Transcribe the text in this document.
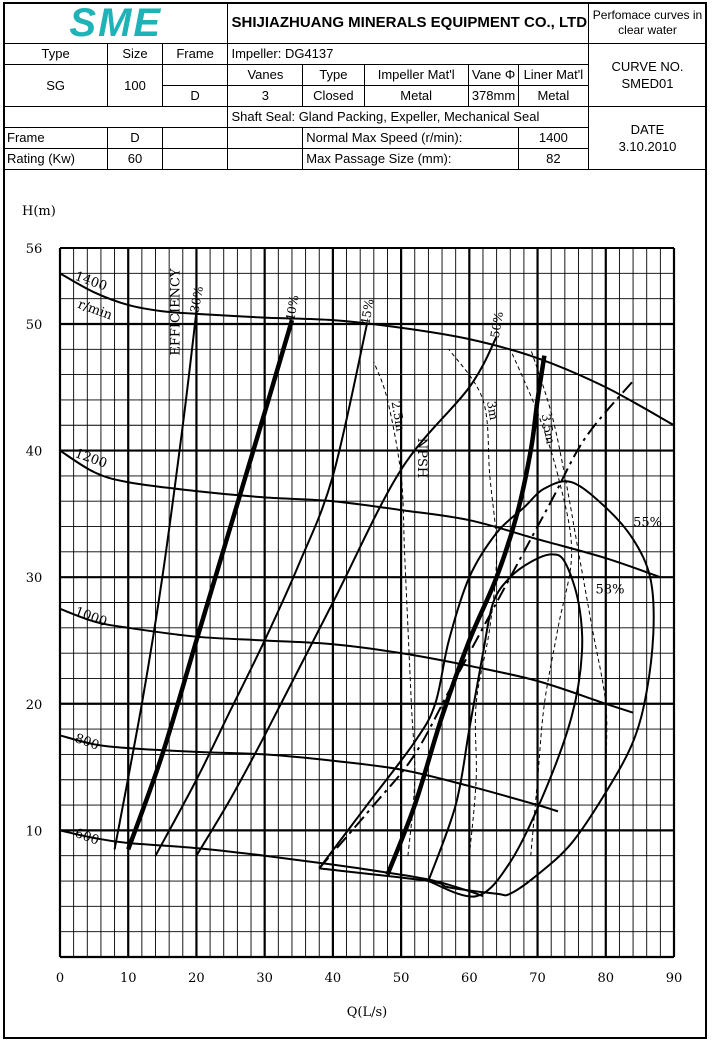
SME			SHIJIAZHUANG MINERALS EQUIPMENT CO., LTD					Perfomace curves in clear water
Type	Size	Frame	Impeller: DG4137					CURVE NO.
SMED01
SG	100		Vanes	Type	Impeller Mat'l	Vane Φ	Liner Mat'l	
		D	3	Closed	Metal	378mm	Metal	
			Shaft Seal: Gland Packing, Expeller, Mechanical Seal					DATE
3.10.2010
Frame	D			Normal Max Speed (r/min):			1400	
Rating (Kw)	60			Max Passage Size (mm):			82	
0	10	20	30	40	50	60	70	80	90
10
20
30
40
50
56
Q(L/s)
H(m)
1400
1200
1000
800
600
r/min	30%	40%	45%	50%
55%
58%
2.5m	3m
3.5m
NPSH
EFFICIENCY
